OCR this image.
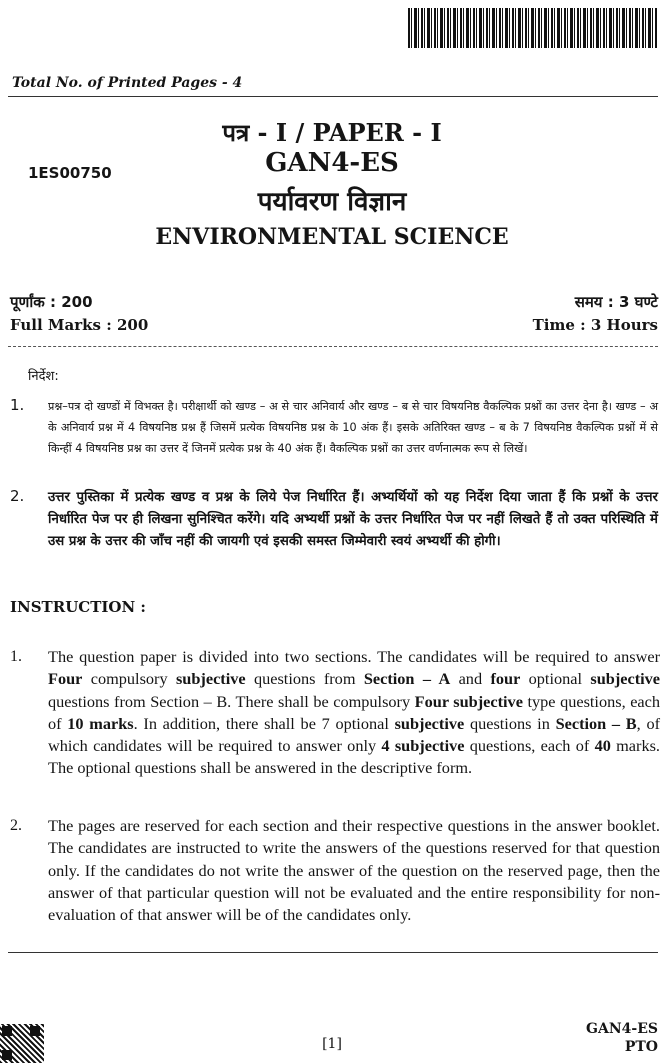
Total No. of Printed Pages - 4
पत्र - I / PAPER - I
GAN4-ES
पर्यावरण विज्ञान
ENVIRONMENTAL SCIENCE
1ES00750
पूर्णांक : 200
Full Marks : 200
समय : 3 घण्टे
Time : 3 Hours
निर्देश:
1. प्रश्न–पत्र दो खण्डों में विभक्त है। परीक्षार्थी को खण्ड – अ से चार अनिवार्य और खण्ड – ब से चार विषयनिष्ठ वैकल्पिक प्रश्नों का उत्तर देना है। खण्ड – अ के अनिवार्य प्रश्न में 4 विषयनिष्ठ प्रश्न हैं जिसमें प्रत्येक विषयनिष्ठ प्रश्न के 10 अंक हैं। इसके अतिरिक्त खण्ड – ब के 7 विषयनिष्ठ वैकल्पिक प्रश्नों में से किन्हीं 4 विषयनिष्ठ प्रश्न का उत्तर दें जिनमें प्रत्येक प्रश्न के 40 अंक हैं। वैकल्पिक प्रश्नों का उत्तर वर्णनात्मक रूप से लिखें।
2. उत्तर पुस्तिका में प्रत्येक खण्ड व प्रश्न के लिये पेज निर्धारित हैं। अभ्यर्थियों को यह निर्देश दिया जाता हैं कि प्रश्नों के उत्तर निर्धारित पेज पर ही लिखना सुनिश्चित करेंगे। यदि अभ्यर्थी प्रश्नों के उत्तर निर्धारित पेज पर नहीं लिखते हैं तो उक्त परिस्थिति में उस प्रश्न के उत्तर की जाँच नहीं की जायगी एवं इसकी समस्त जिम्मेवारी स्वयं अभ्यर्थी की होगी।
INSTRUCTION :
1. The question paper is divided into two sections. The candidates will be required to answer Four compulsory subjective questions from Section – A and four optional subjective questions from Section – B. There shall be compulsory Four subjective type questions, each of 10 marks. In addition, there shall be 7 optional subjective questions in Section – B, of which candidates will be required to answer only 4 subjective questions, each of 40 marks. The optional questions shall be answered in the descriptive form.
2. The pages are reserved for each section and their respective questions in the answer booklet. The candidates are instructed to write the answers of the questions reserved for that question only. If the candidates do not write the answer of the question on the reserved page, then the answer of that particular question will not be evaluated and the entire responsibility for non-evaluation of that answer will be of the candidates only.
[1]
GAN4-ES
PTO
